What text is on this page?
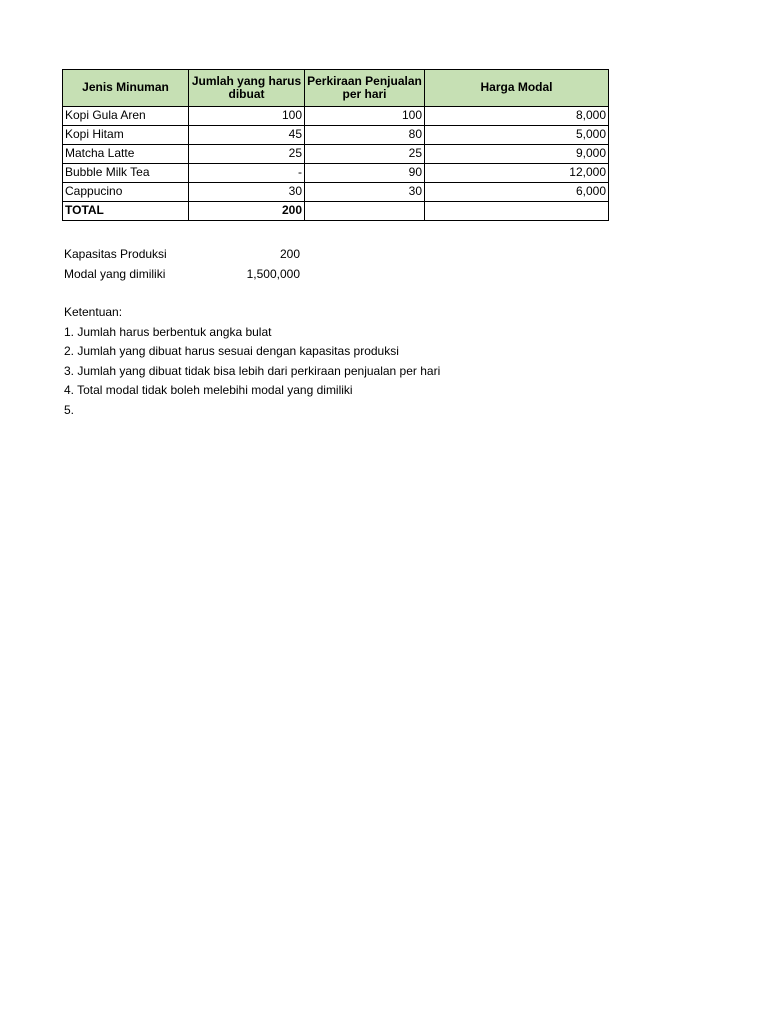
Jenis Minuman	Jumlah yang harus dibuat	Perkiraan Penjualan per hari	Harga Modal
Kopi Gula Aren	100	100	8,000
Kopi Hitam	45	80	5,000
Matcha Latte	25	25	9,000
Bubble Milk Tea	-	90	12,000
Cappucino	30	30	6,000
TOTAL	200		
Kapasitas Produksi	200
Modal yang dimiliki	1,500,000
Ketentuan:
1. Jumlah harus berbentuk angka bulat
2. Jumlah yang dibuat harus sesuai dengan kapasitas produksi
3. Jumlah yang dibuat tidak bisa lebih dari perkiraan penjualan per hari
4. Total modal tidak boleh melebihi modal yang dimiliki
5.
